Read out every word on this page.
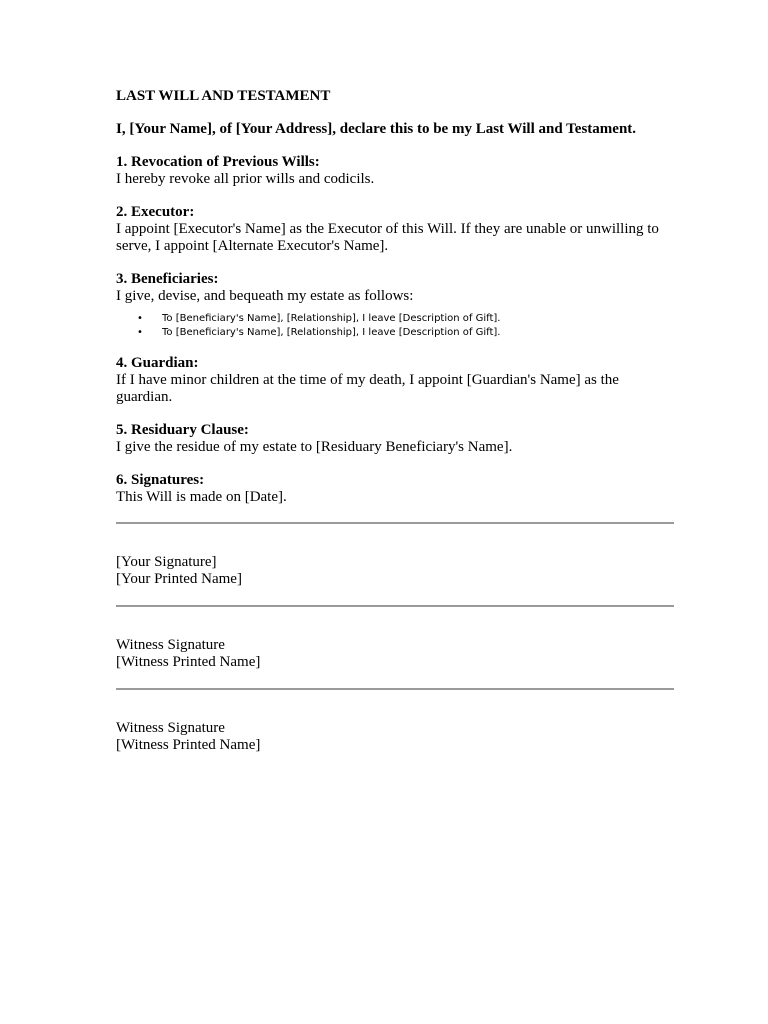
LAST WILL AND TESTAMENT
I, [Your Name], of [Your Address], declare this to be my Last Will and Testament.
1. Revocation of Previous Wills:
I hereby revoke all prior wills and codicils.
2. Executor:
I appoint [Executor's Name] as the Executor of this Will. If they are unable or unwilling to serve, I appoint [Alternate Executor's Name].
3. Beneficiaries:
I give, devise, and bequeath my estate as follows:
• To [Beneficiary's Name], [Relationship], I leave [Description of Gift].
• To [Beneficiary's Name], [Relationship], I leave [Description of Gift].
4. Guardian:
If I have minor children at the time of my death, I appoint [Guardian's Name] as the guardian.
5. Residuary Clause:
I give the residue of my estate to [Residuary Beneficiary's Name].
6. Signatures:
This Will is made on [Date].
[Your Signature]
[Your Printed Name]
Witness Signature
[Witness Printed Name]
Witness Signature
[Witness Printed Name]
